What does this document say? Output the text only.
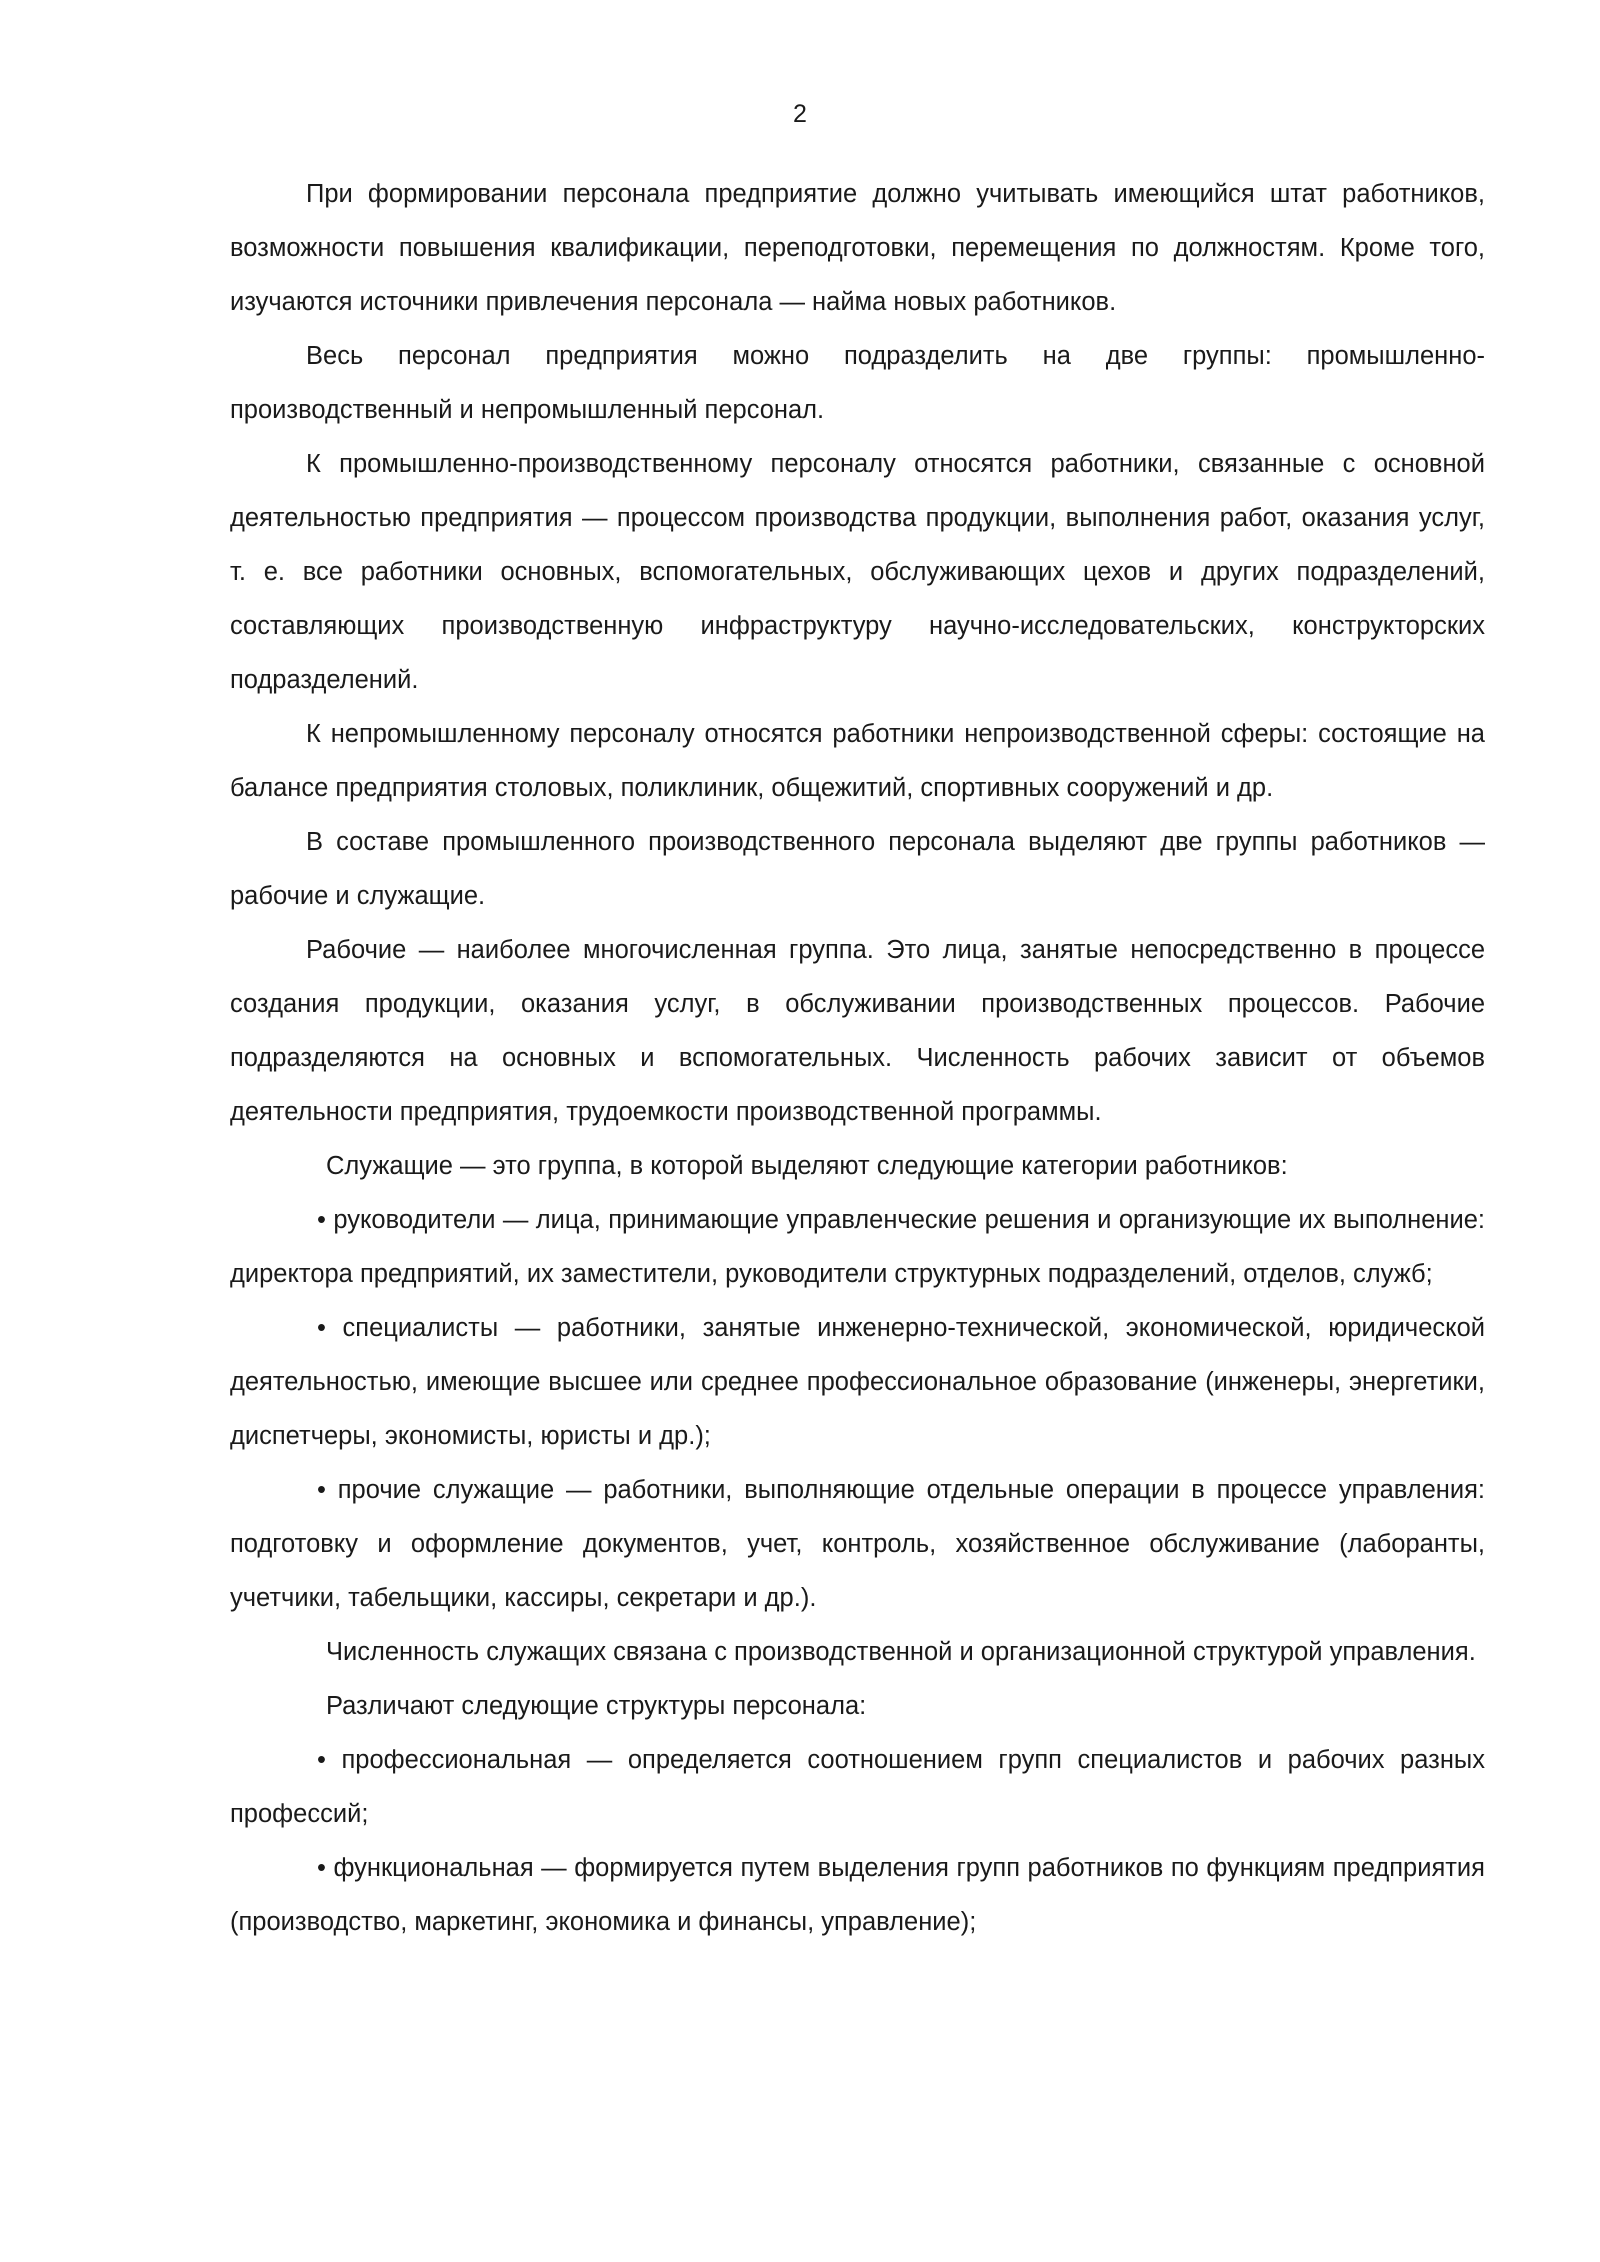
2

При формировании персонала предприятие должно учитывать имеющийся штат работников, возможности повышения квалификации, переподготовки, перемещения по должностям. Кроме того, изучаются источники привлечения персонала — найма новых работников.

Весь персонал предприятия можно подразделить на две группы: промышленно-производственный и непромышленный персонал.

К промышленно-производственному персоналу относятся работники, связанные с основной деятельностью предприятия — процессом производства продукции, выполнения работ, оказания услуг, т. е. все работники основных, вспомогательных, обслуживающих цехов и других подразделений, составляющих производственную инфраструктуру научно-исследовательских, конструкторских подразделений.

К непромышленному персоналу относятся работники непроизводственной сферы: состоящие на балансе предприятия столовых, поликлиник, общежитий, спортивных сооружений и др.

В составе промышленного производственного персонала выделяют две группы работников — рабочие и служащие.

Рабочие — наиболее многочисленная группа. Это лица, занятые непосредственно в процессе создания продукции, оказания услуг, в обслуживании производственных процессов. Рабочие подразделяются на основных и вспомогательных. Численность рабочих зависит от объемов деятельности предприятия, трудоемкости производственной программы.

Служащие — это группа, в которой выделяют следующие категории работников:

• руководители — лица, принимающие управленческие решения и организующие их выполнение: директора предприятий, их заместители, руководители структурных подразделений, отделов, служб;

• специалисты — работники, занятые инженерно-технической, экономической, юридической деятельностью, имеющие высшее или среднее профессиональное образование (инженеры, энергетики, диспетчеры, экономисты, юристы и др.);

• прочие служащие — работники, выполняющие отдельные операции в процессе управления: подготовку и оформление документов, учет, контроль, хозяйственное обслуживание (лаборанты, учетчики, табельщики, кассиры, секретари и др.).

Численность служащих связана с производственной и организационной структурой управления.

Различают следующие структуры персонала:

• профессиональная — определяется соотношением групп специалистов и рабочих разных профессий;

• функциональная — формируется путем выделения групп работников по функциям предприятия (производство, маркетинг, экономика и финансы, управление);
